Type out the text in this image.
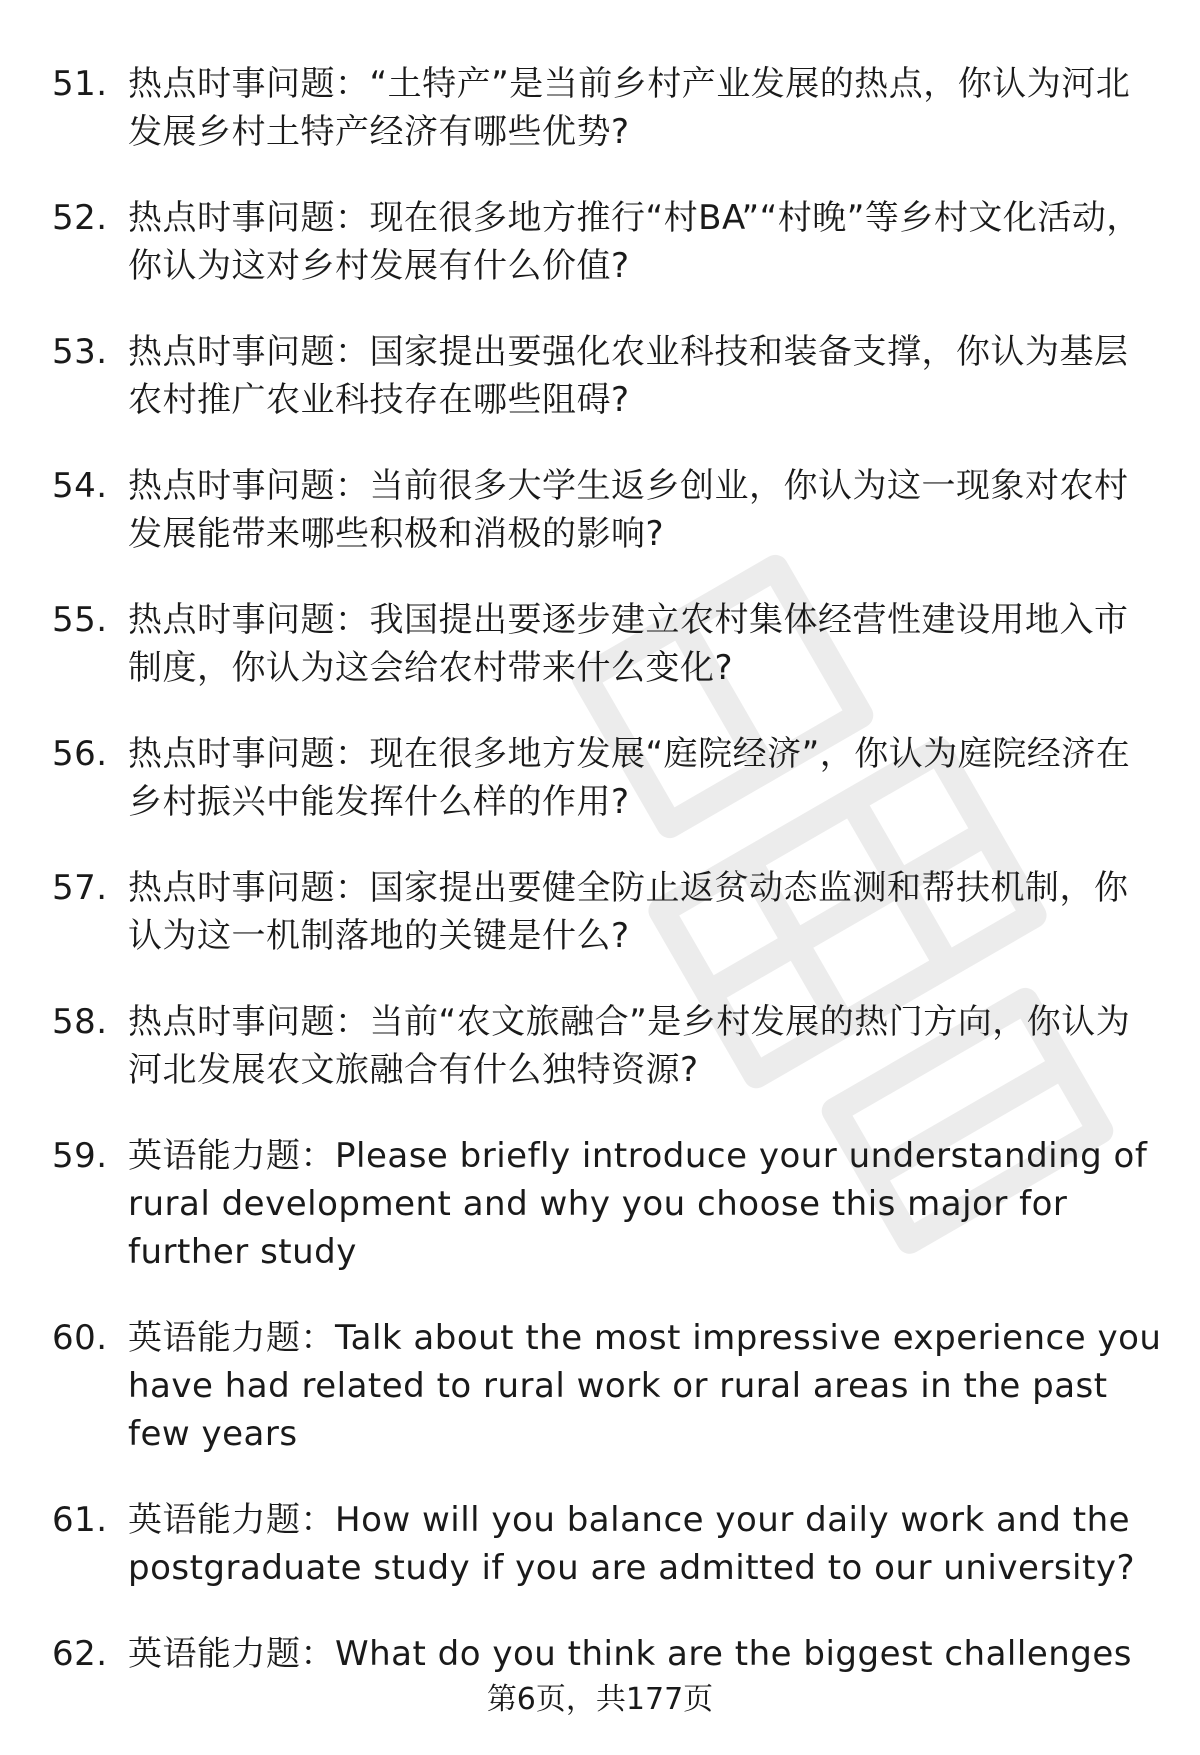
51. 热点时事问题：“土特产”是当前乡村产业发展的热点，你认为河北发展乡村土特产经济有哪些优势?
52. 热点时事问题：现在很多地方推行“村BA”“村晚”等乡村文化活动，你认为这对乡村发展有什么价值?
53. 热点时事问题：国家提出要强化农业科技和装备支撑，你认为基层农村推广农业科技存在哪些阻碍?
54. 热点时事问题：当前很多大学生返乡创业，你认为这一现象对农村发展能带来哪些积极和消极的影响?
55. 热点时事问题：我国提出要逐步建立农村集体经营性建设用地入市制度，你认为这会给农村带来什么变化?
56. 热点时事问题：现在很多地方发展“庭院经济”，你认为庭院经济在乡村振兴中能发挥什么样的作用?
57. 热点时事问题：国家提出要健全防止返贫动态监测和帮扶机制，你认为这一机制落地的关键是什么?
58. 热点时事问题：当前“农文旅融合”是乡村发展的热门方向，你认为河北发展农文旅融合有什么独特资源?
59. 英语能力题：Please briefly introduce your understanding of rural development and why you choose this major for further study
60. 英语能力题：Talk about the most impressive experience you have had related to rural work or rural areas in the past few years
61. 英语能力题：How will you balance your daily work and the postgraduate study if you are admitted to our university?
62. 英语能力题：What do you think are the biggest challenges
第6页，共177页
